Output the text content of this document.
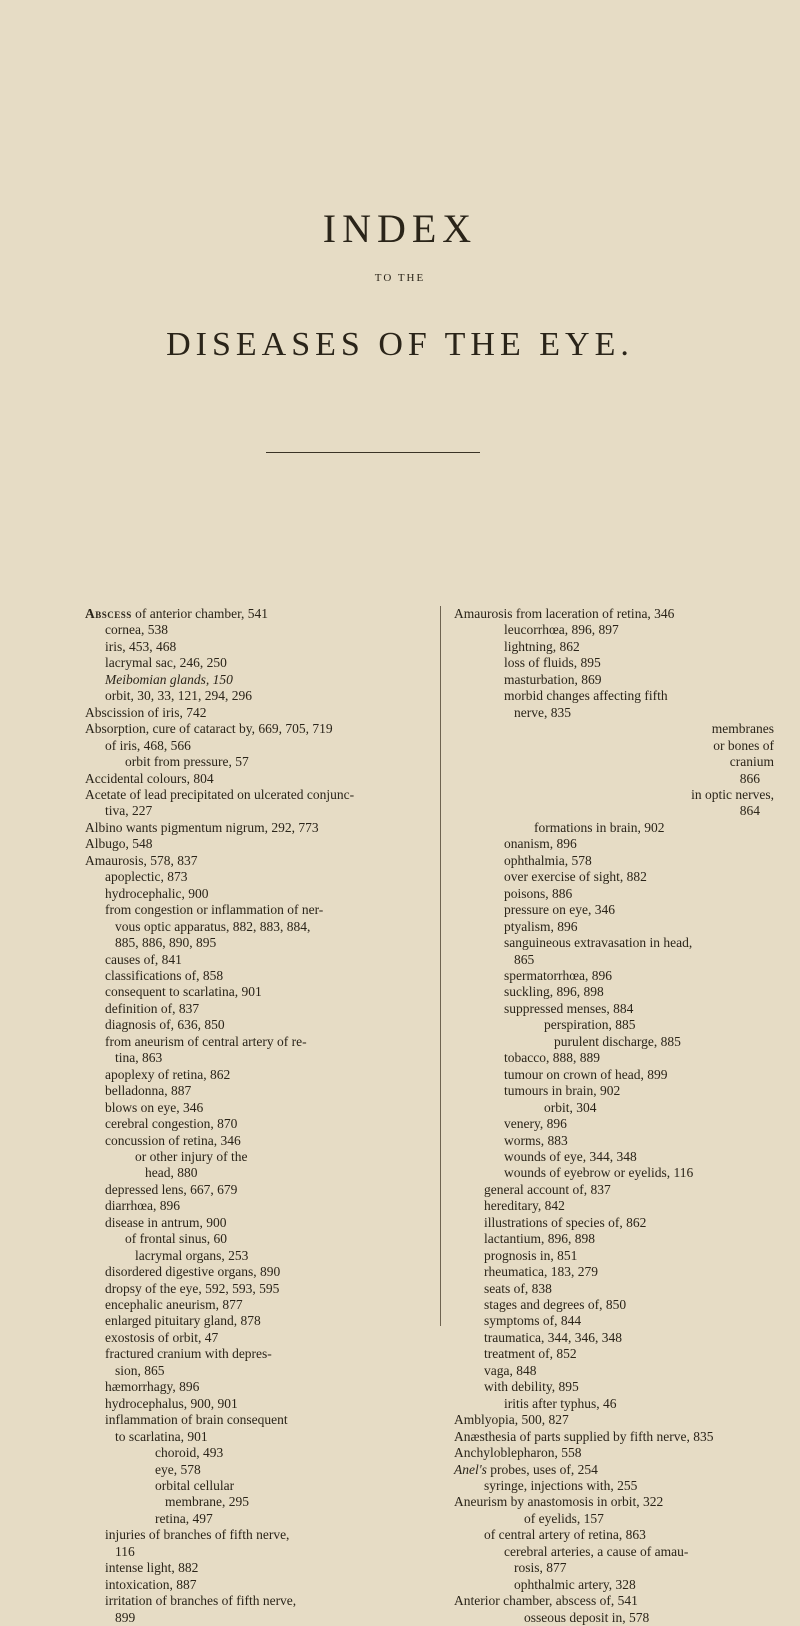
INDEX
TO THE
DISEASES OF THE EYE.
Abscess of anterior chamber, 541
cornea, 538
iris, 453, 468
lacrymal sac, 246, 250
Meibomian glands, 150
orbit, 30, 33, 121, 294, 296
Abscission of iris, 742
Absorption, cure of cataract by, 669, 705, 719
of iris, 468, 566
orbit from pressure, 57
Accidental colours, 804
Acetate of lead precipitated on ulcerated conjunc-
tiva, 227
Albino wants pigmentum nigrum, 292, 773
Albugo, 548
Amaurosis, 578, 837
apoplectic, 873
hydrocephalic, 900
from congestion or inflammation of ner-
vous optic apparatus, 882, 883, 884,
885, 886, 890, 895
causes of, 841
classifications of, 858
consequent to scarlatina, 901
definition of, 837
diagnosis of, 636, 850
from aneurism of central artery of re-
tina, 863
apoplexy of retina, 862
belladonna, 887
blows on eye, 346
cerebral congestion, 870
concussion of retina, 346
or other injury of the
head, 880
depressed lens, 667, 679
diarrhœa, 896
disease in antrum, 900
of frontal sinus, 60
lacrymal organs, 253
disordered digestive organs, 890
dropsy of the eye, 592, 593, 595
encephalic aneurism, 877
enlarged pituitary gland, 878
exostosis of orbit, 47
fractured cranium with depres-
sion, 865
hæmorrhagy, 896
hydrocephalus, 900, 901
inflammation of brain consequent
to scarlatina, 901
choroid, 493
eye, 578
orbital cellular
membrane, 295
retina, 497
injuries of branches of fifth nerve,
116
intense light, 882
intoxication, 887
irritation of branches of fifth nerve,
899
Amaurosis from laceration of retina, 346
leucorrhœa, 896, 897
lightning, 862
loss of fluids, 895
masturbation, 869
morbid changes affecting fifth
nerve, 835
membranes
or bones of
cranium
866
in optic nerves,
864
formations in brain, 902
onanism, 896
ophthalmia, 578
over exercise of sight, 882
poisons, 886
pressure on eye, 346
ptyalism, 896
sanguineous extravasation in head,
865
spermatorrhœa, 896
suckling, 896, 898
suppressed menses, 884
perspiration, 885
purulent discharge, 885
tobacco, 888, 889
tumour on crown of head, 899
tumours in brain, 902
orbit, 304
venery, 896
worms, 883
wounds of eye, 344, 348
wounds of eyebrow or eyelids, 116
general account of, 837
hereditary, 842
illustrations of species of, 862
lactantium, 896, 898
prognosis in, 851
rheumatica, 183, 279
seats of, 838
stages and degrees of, 850
symptoms of, 844
traumatica, 344, 346, 348
treatment of, 852
vaga, 848
with debility, 895
iritis after typhus, 46
Amblyopia, 500, 827
Anæsthesia of parts supplied by fifth nerve, 835
Anchyloblepharon, 558
Anel's probes, uses of, 254
syringe, injections with, 255
Aneurism by anastomosis in orbit, 322
of eyelids, 157
of central artery of retina, 863
cerebral arteries, a cause of amau-
rosis, 877
ophthalmic artery, 328
Anterior chamber, abscess of, 541
osseous deposit in, 578
